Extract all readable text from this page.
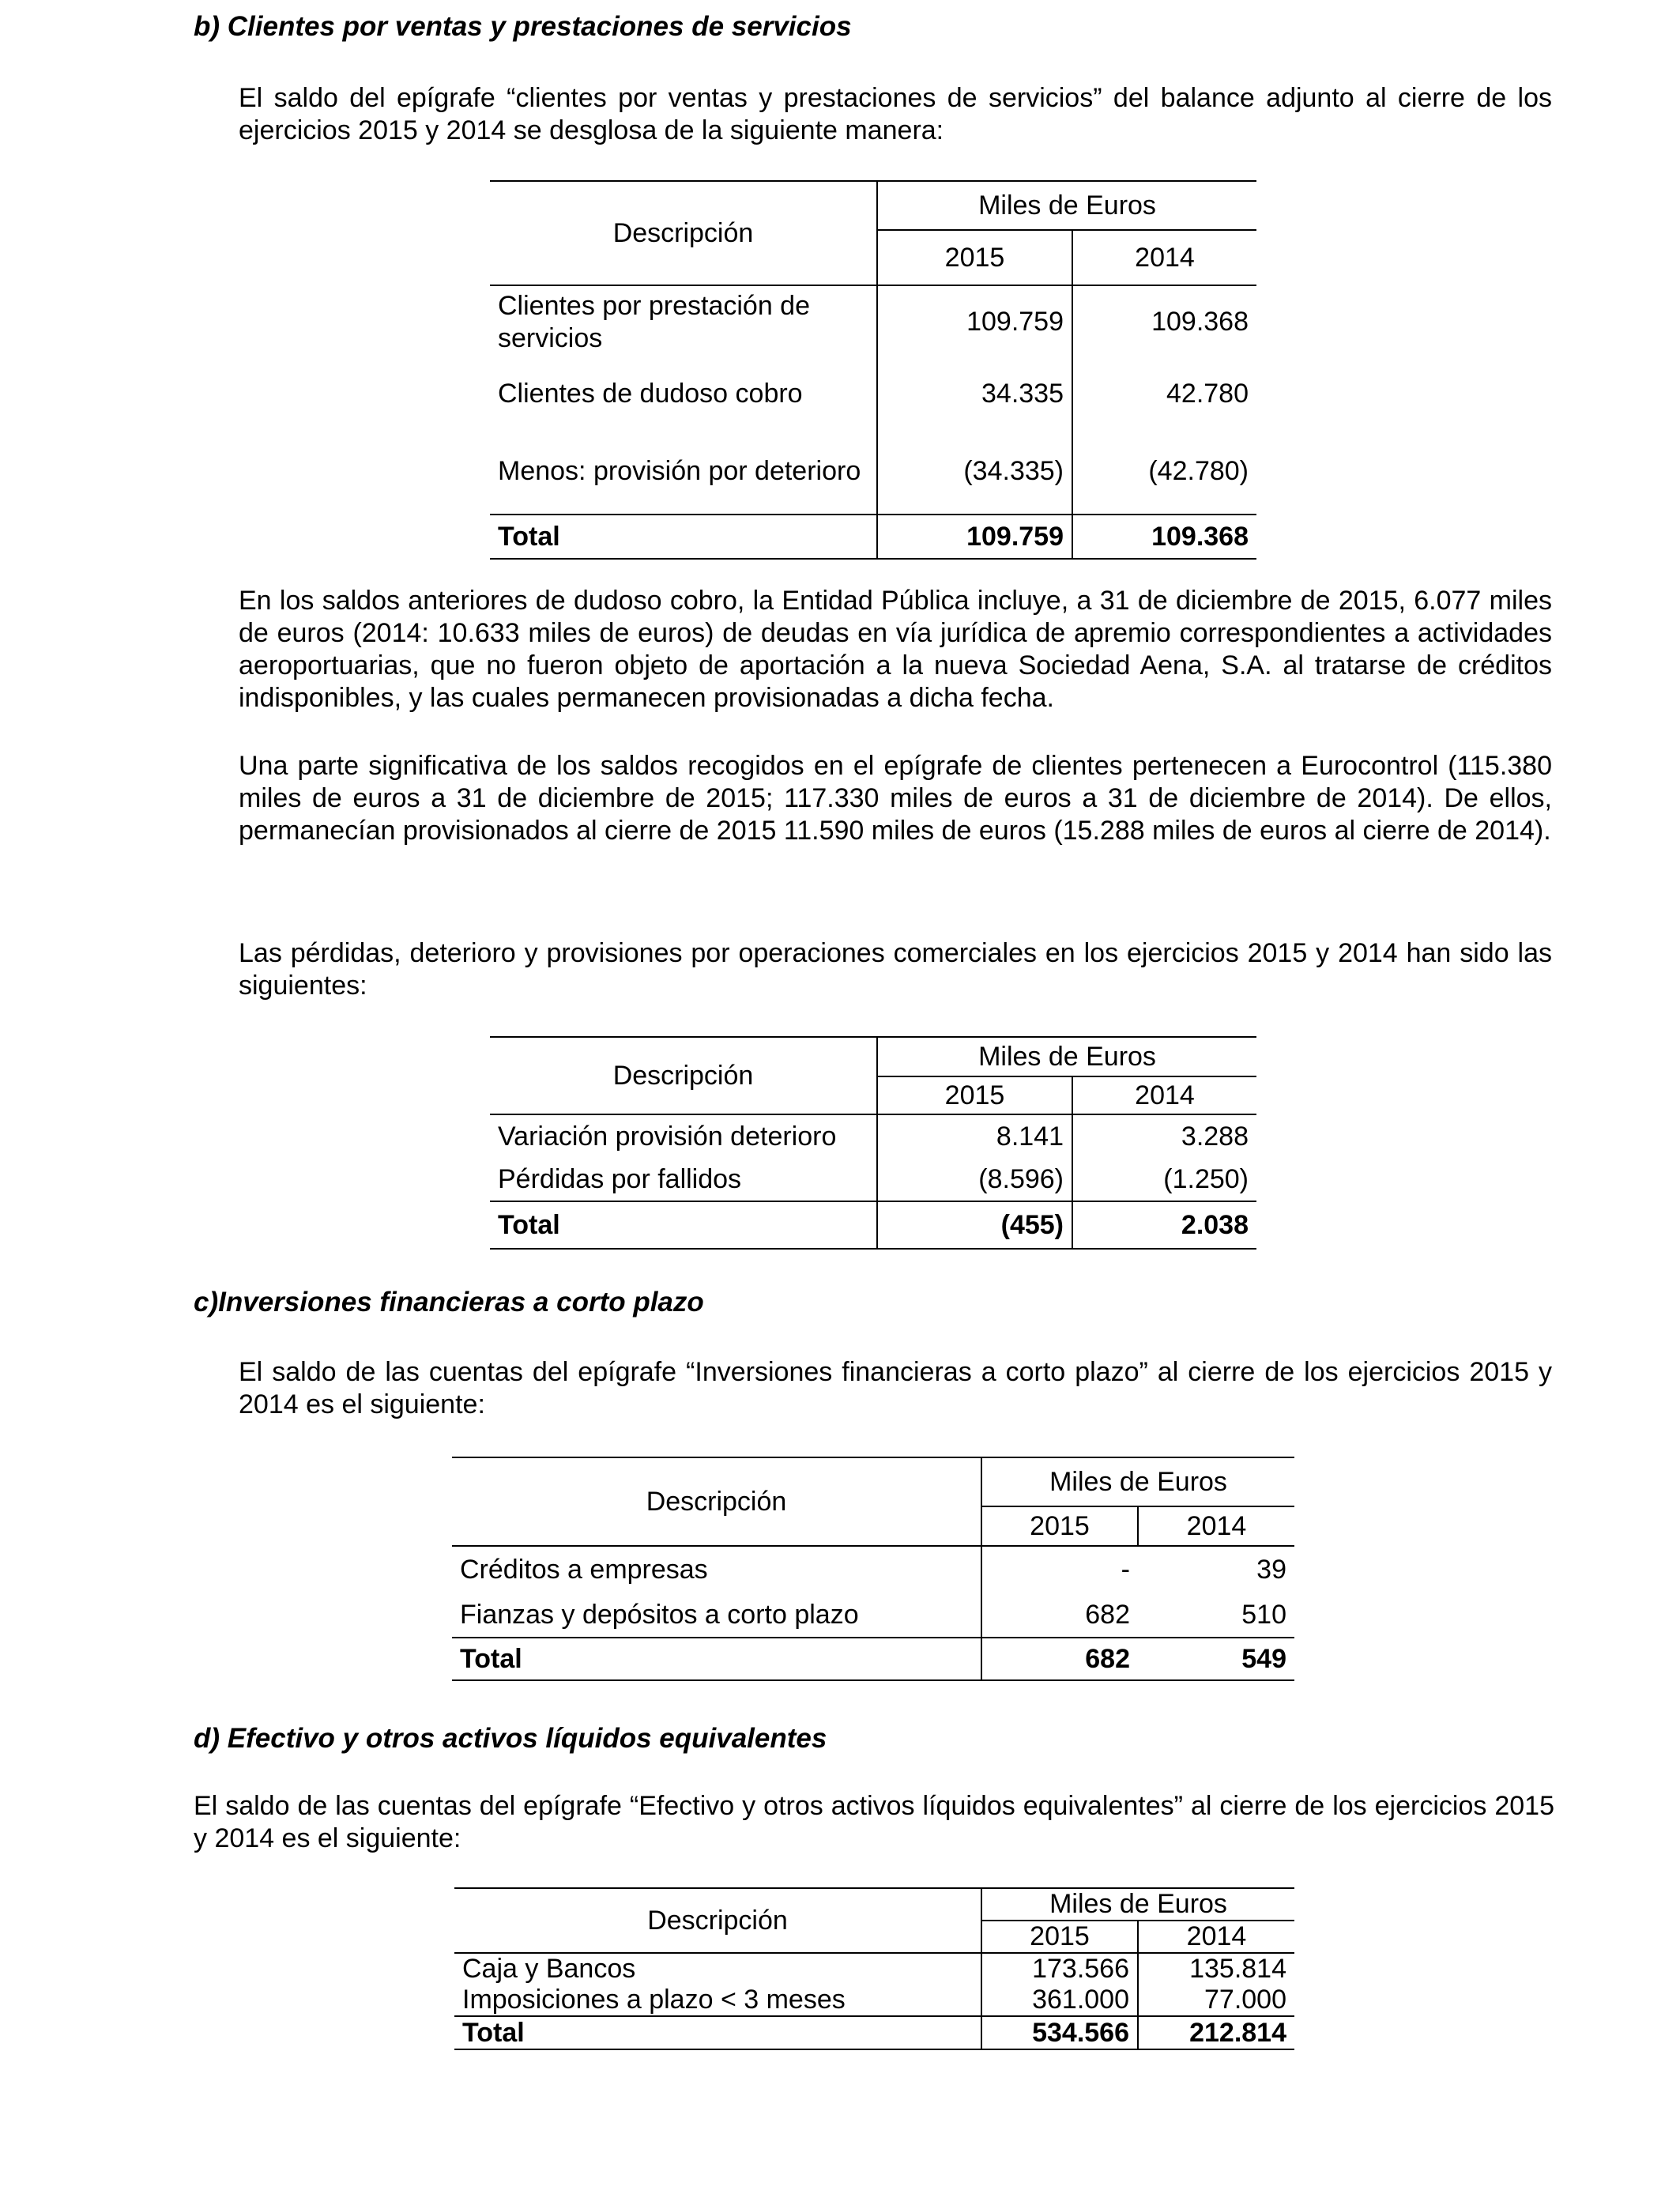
b) Clientes por ventas y prestaciones de servicios

El saldo del epígrafe “clientes por ventas y prestaciones de servicios” del balance adjunto al cierre de los ejercicios 2015 y 2014 se desglosa de la siguiente manera:

Descripción	Miles de Euros	
	2015	2014
Clientes por prestación de servicios	109.759	109.368
Clientes de dudoso cobro	34.335	42.780
Menos: provisión por deterioro	(34.335)	(42.780)
Total	109.759	109.368

En los saldos anteriores de dudoso cobro, la Entidad Pública incluye, a 31 de diciembre de 2015, 6.077 miles de euros (2014: 10.633 miles de euros) de deudas en vía jurídica de apremio correspondientes a actividades aeroportuarias, que no fueron objeto de aportación a la nueva Sociedad Aena, S.A. al tratarse de créditos indisponibles, y las cuales permanecen provisionadas a dicha fecha.

Una parte significativa de los saldos recogidos en el epígrafe de clientes pertenecen a Eurocontrol (115.380 miles de euros a 31 de diciembre de 2015; 117.330 miles de euros a 31 de diciembre de 2014). De ellos, permanecían provisionados al cierre de 2015 11.590 miles de euros (15.288 miles de euros al cierre de 2014).

Las pérdidas, deterioro y provisiones por operaciones comerciales en los ejercicios 2015 y 2014 han sido las siguientes:

Descripción	Miles de Euros	
	2015	2014
Variación provisión deterioro	8.141	3.288
Pérdidas por fallidos	(8.596)	(1.250)
Total	(455)	2.038
c)Inversiones financieras a corto plazo

El saldo de las cuentas del epígrafe “Inversiones financieras a corto plazo” al cierre de los ejercicios 2015 y 2014 es el siguiente:

Descripción	Miles de Euros	
	2015	2014
Créditos a empresas	-	39
Fianzas y depósitos a corto plazo	682	510
Total	682	549
d) Efectivo y otros activos líquidos equivalentes

El saldo de las cuentas del epígrafe “Efectivo y otros activos líquidos equivalentes” al cierre de los ejercicios 2015 y 2014 es el siguiente:

Descripción	Miles de Euros	
	2015	2014
Caja y Bancos	173.566	135.814
Imposiciones a plazo < 3 meses	361.000	77.000
Total	534.566	212.814
